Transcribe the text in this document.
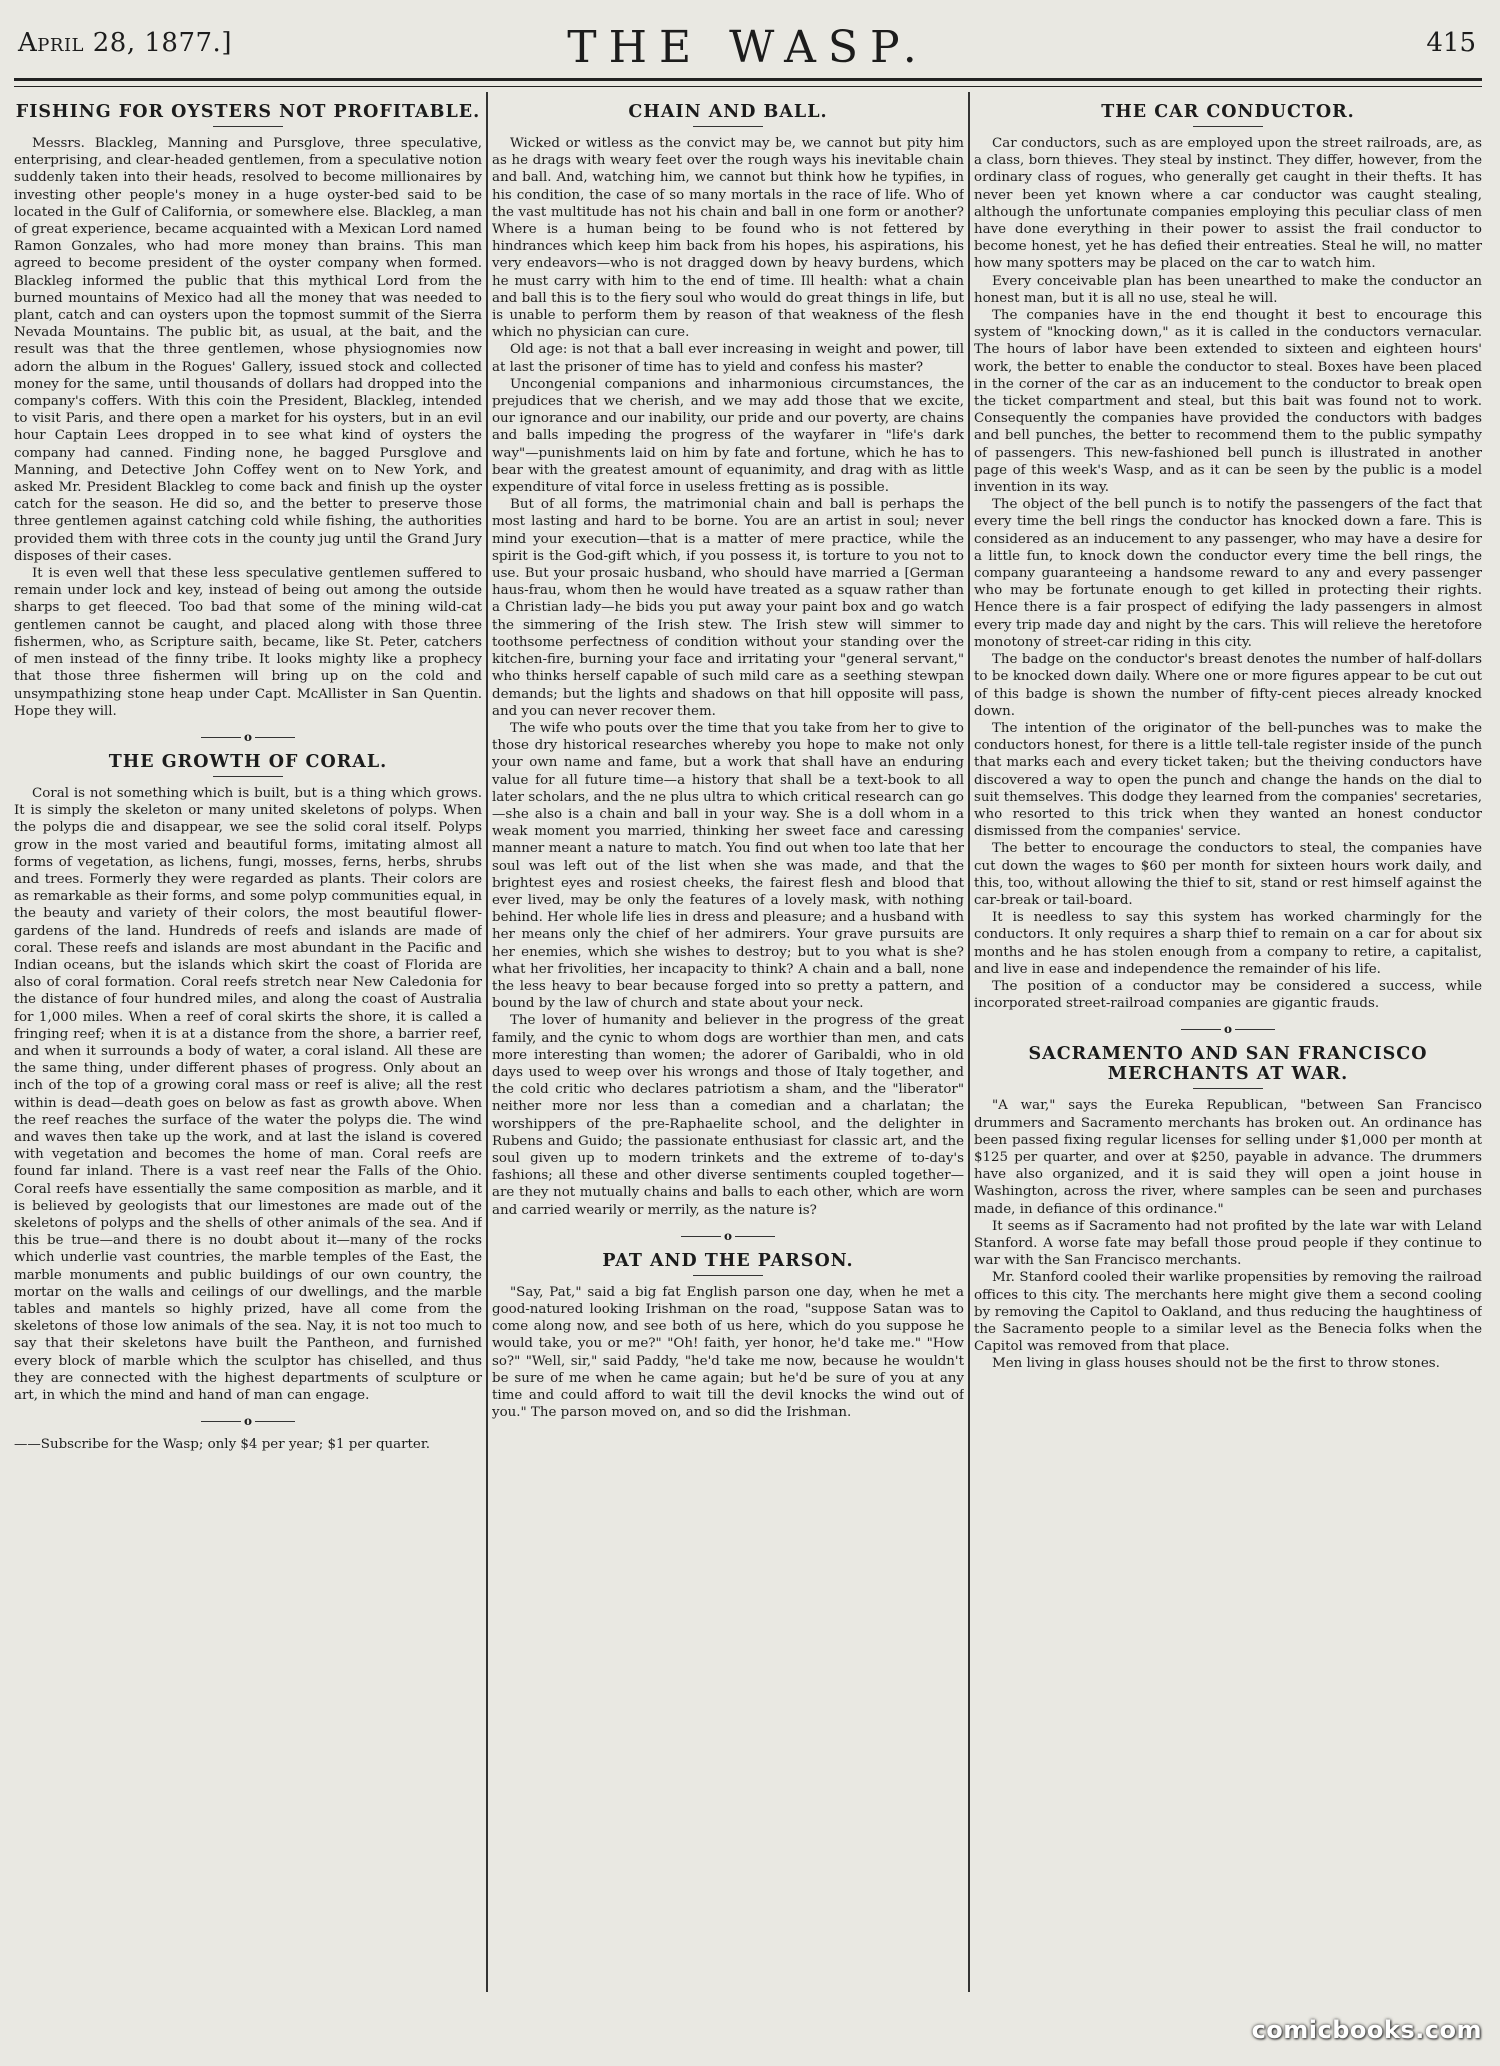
April 28, 1877.]	THE WASP.	415
FISHING FOR OYSTERS NOT PROFITABLE.

Messrs. Blackleg, Manning and Pursglove, three speculative, enterprising, and clear-headed gentlemen, from a speculative notion suddenly taken into their heads, resolved to become millionaires by investing other people's money in a huge oyster-bed said to be located in the Gulf of California, or somewhere else. Blackleg, a man of great experience, became acquainted with a Mexican Lord named Ramon Gonzales, who had more money than brains. This man agreed to become president of the oyster company when formed. Blackleg informed the public that this mythical Lord from the burned mountains of Mexico had all the money that was needed to plant, catch and can oysters upon the topmost summit of the Sierra Nevada Mountains. The public bit, as usual, at the bait, and the result was that the three gentlemen, whose physiognomies now adorn the album in the Rogues' Gallery, issued stock and collected money for the same, until thousands of dollars had dropped into the company's coffers. With this coin the President, Blackleg, intended to visit Paris, and there open a market for his oysters, but in an evil hour Captain Lees dropped in to see what kind of oysters the company had canned. Finding none, he bagged Pursglove and Manning, and Detective John Coffey went on to New York, and asked Mr. President Blackleg to come back and finish up the oyster catch for the season. He did so, and the better to preserve those three gentlemen against catching cold while fishing, the authorities provided them with three cots in the county jug until the Grand Jury disposes of their cases.

It is even well that these less speculative gentlemen suffered to remain under lock and key, instead of being out among the outside sharps to get fleeced. Too bad that some of the mining wild-cat gentlemen cannot be caught, and placed along with those three fishermen, who, as Scripture saith, became, like St. Peter, catchers of men instead of the finny tribe. It looks mighty like a prophecy that those three fishermen will bring up on the cold and unsympathizing stone heap under Capt. McAllister in San Quentin. Hope they will.

o
THE GROWTH OF CORAL.

Coral is not something which is built, but is a thing which grows. It is simply the skeleton or many united skeletons of polyps. When the polyps die and disappear, we see the solid coral itself. Polyps grow in the most varied and beautiful forms, imitating almost all forms of vegetation, as lichens, fungi, mosses, ferns, herbs, shrubs and trees. Formerly they were regarded as plants. Their colors are as remarkable as their forms, and some polyp communities equal, in the beauty and variety of their colors, the most beautiful flower-gardens of the land. Hundreds of reefs and islands are made of coral. These reefs and islands are most abundant in the Pacific and Indian oceans, but the islands which skirt the coast of Florida are also of coral formation. Coral reefs stretch near New Caledonia for the distance of four hundred miles, and along the coast of Australia for 1,000 miles. When a reef of coral skirts the shore, it is called a fringing reef; when it is at a distance from the shore, a barrier reef, and when it surrounds a body of water, a coral island. All these are the same thing, under different phases of progress. Only about an inch of the top of a growing coral mass or reef is alive; all the rest within is dead—death goes on below as fast as growth above. When the reef reaches the surface of the water the polyps die. The wind and waves then take up the work, and at last the island is covered with vegetation and becomes the home of man. Coral reefs are found far inland. There is a vast reef near the Falls of the Ohio. Coral reefs have essentially the same composition as marble, and it is believed by geologists that our limestones are made out of the skeletons of polyps and the shells of other animals of the sea. And if this be true—and there is no doubt about it—many of the rocks which underlie vast countries, the marble temples of the East, the marble monuments and public buildings of our own country, the mortar on the walls and ceilings of our dwellings, and the marble tables and mantels so highly prized, have all come from the skeletons of those low animals of the sea. Nay, it is not too much to say that their skeletons have built the Pantheon, and furnished every block of marble which the sculptor has chiselled, and thus they are connected with the highest departments of sculpture or art, in which the mind and hand of man can engage.

o

——Subscribe for the Wasp; only $4 per year; $1 per quarter.

CHAIN AND BALL.

Wicked or witless as the convict may be, we cannot but pity him as he drags with weary feet over the rough ways his inevitable chain and ball. And, watching him, we cannot but think how he typifies, in his condition, the case of so many mortals in the race of life. Who of the vast multitude has not his chain and ball in one form or another? Where is a human being to be found who is not fettered by hindrances which keep him back from his hopes, his aspirations, his very endeavors—who is not dragged down by heavy burdens, which he must carry with him to the end of time. Ill health: what a chain and ball this is to the fiery soul who would do great things in life, but is unable to perform them by reason of that weakness of the flesh which no physician can cure.

Old age: is not that a ball ever increasing in weight and power, till at last the prisoner of time has to yield and confess his master?

Uncongenial companions and inharmonious circumstances, the prejudices that we cherish, and we may add those that we excite, our ignorance and our inability, our pride and our poverty, are chains and balls impeding the progress of the wayfarer in "life's dark way"—punishments laid on him by fate and fortune, which he has to bear with the greatest amount of equanimity, and drag with as little expenditure of vital force in useless fretting as is possible.

But of all forms, the matrimonial chain and ball is perhaps the most lasting and hard to be borne. You are an artist in soul; never mind your execution—that is a matter of mere practice, while the spirit is the God-gift which, if you possess it, is torture to you not to use. But your prosaic husband, who should have married a [German haus-frau, whom then he would have treated as a squaw rather than a Christian lady—he bids you put away your paint box and go watch the simmering of the Irish stew. The Irish stew will simmer to toothsome perfectness of condition without your standing over the kitchen-fire, burning your face and irritating your "general servant," who thinks herself capable of such mild care as a seething stewpan demands; but the lights and shadows on that hill opposite will pass, and you can never recover them.

The wife who pouts over the time that you take from her to give to those dry historical researches whereby you hope to make not only your own name and fame, but a work that shall have an enduring value for all future time—a history that shall be a text-book to all later scholars, and the ne plus ultra to which critical research can go—she also is a chain and ball in your way. She is a doll whom in a weak moment you married, thinking her sweet face and caressing manner meant a nature to match. You find out when too late that her soul was left out of the list when she was made, and that the brightest eyes and rosiest cheeks, the fairest flesh and blood that ever lived, may be only the features of a lovely mask, with nothing behind. Her whole life lies in dress and pleasure; and a husband with her means only the chief of her admirers. Your grave pursuits are her enemies, which she wishes to destroy; but to you what is she? what her frivolities, her incapacity to think? A chain and a ball, none the less heavy to bear because forged into so pretty a pattern, and bound by the law of church and state about your neck.

The lover of humanity and believer in the progress of the great family, and the cynic to whom dogs are worthier than men, and cats more interesting than women; the adorer of Garibaldi, who in old days used to weep over his wrongs and those of Italy together, and the cold critic who declares patriotism a sham, and the "liberator" neither more nor less than a comedian and a charlatan; the worshippers of the pre-Raphaelite school, and the delighter in Rubens and Guido; the passionate enthusiast for classic art, and the soul given up to modern trinkets and the extreme of to-day's fashions; all these and other diverse sentiments coupled together—are they not mutually chains and balls to each other, which are worn and carried wearily or merrily, as the nature is?

o
PAT AND THE PARSON.

"Say, Pat," said a big fat English parson one day, when he met a good-natured looking Irishman on the road, "suppose Satan was to come along now, and see both of us here, which do you suppose he would take, you or me?" "Oh! faith, yer honor, he'd take me." "How so?" "Well, sir," said Paddy, "he'd take me now, because he wouldn't be sure of me when he came again; but he'd be sure of you at any time and could afford to wait till the devil knocks the wind out of you." The parson moved on, and so did the Irishman.

THE CAR CONDUCTOR.

Car conductors, such as are employed upon the street railroads, are, as a class, born thieves. They steal by instinct. They differ, however, from the ordinary class of rogues, who generally get caught in their thefts. It has never been yet known where a car conductor was caught stealing, although the unfortunate companies employing this peculiar class of men have done everything in their power to assist the frail conductor to become honest, yet he has defied their entreaties. Steal he will, no matter how many spotters may be placed on the car to watch him.

Every conceivable plan has been unearthed to make the conductor an honest man, but it is all no use, steal he will.

The companies have in the end thought it best to encourage this system of "knocking down," as it is called in the conductors vernacular. The hours of labor have been extended to sixteen and eighteen hours' work, the better to enable the conductor to steal. Boxes have been placed in the corner of the car as an inducement to the conductor to break open the ticket compartment and steal, but this bait was found not to work. Consequently the companies have provided the conductors with badges and bell punches, the better to recommend them to the public sympathy of passengers. This new-fashioned bell punch is illustrated in another page of this week's Wasp, and as it can be seen by the public is a model invention in its way.

The object of the bell punch is to notify the passengers of the fact that every time the bell rings the conductor has knocked down a fare. This is considered as an inducement to any passenger, who may have a desire for a little fun, to knock down the conductor every time the bell rings, the company guaranteeing a handsome reward to any and every passenger who may be fortunate enough to get killed in protecting their rights. Hence there is a fair prospect of edifying the lady passengers in almost every trip made day and night by the cars. This will relieve the heretofore monotony of street-car riding in this city.

The badge on the conductor's breast denotes the number of half-dollars to be knocked down daily. Where one or more figures appear to be cut out of this badge is shown the number of fifty-cent pieces already knocked down.

The intention of the originator of the bell-punches was to make the conductors honest, for there is a little tell-tale register inside of the punch that marks each and every ticket taken; but the theiving conductors have discovered a way to open the punch and change the hands on the dial to suit themselves. This dodge they learned from the companies' secretaries, who resorted to this trick when they wanted an honest conductor dismissed from the companies' service.

The better to encourage the conductors to steal, the companies have cut down the wages to $60 per month for sixteen hours work daily, and this, too, without allowing the thief to sit, stand or rest himself against the car-break or tail-board.

It is needless to say this system has worked charmingly for the conductors. It only requires a sharp thief to remain on a car for about six months and he has stolen enough from a company to retire, a capitalist, and live in ease and independence the remainder of his life.

The position of a conductor may be considered a success, while incorporated street-railroad companies are gigantic frauds.

o
SACRAMENTO AND SAN FRANCISCO MERCHANTS AT WAR.

"A war," says the Eureka Republican, "between San Francisco drummers and Sacramento merchants has broken out. An ordinance has been passed fixing regular licenses for selling under $1,000 per month at $125 per quarter, and over at $250, payable in advance. The drummers have also organized, and it is said they will open a joint house in Washington, across the river, where samples can be seen and purchases made, in defiance of this ordinance."

It seems as if Sacramento had not profited by the late war with Leland Stanford. A worse fate may befall those proud people if they continue to war with the San Francisco merchants.

Mr. Stanford cooled their warlike propensities by removing the railroad offices to this city. The merchants here might give them a second cooling by removing the Capitol to Oakland, and thus reducing the haughtiness of the Sacramento people to a similar level as the Benecia folks when the Capitol was removed from that place.

Men living in glass houses should not be the first to throw stones.

comicbooks.com
